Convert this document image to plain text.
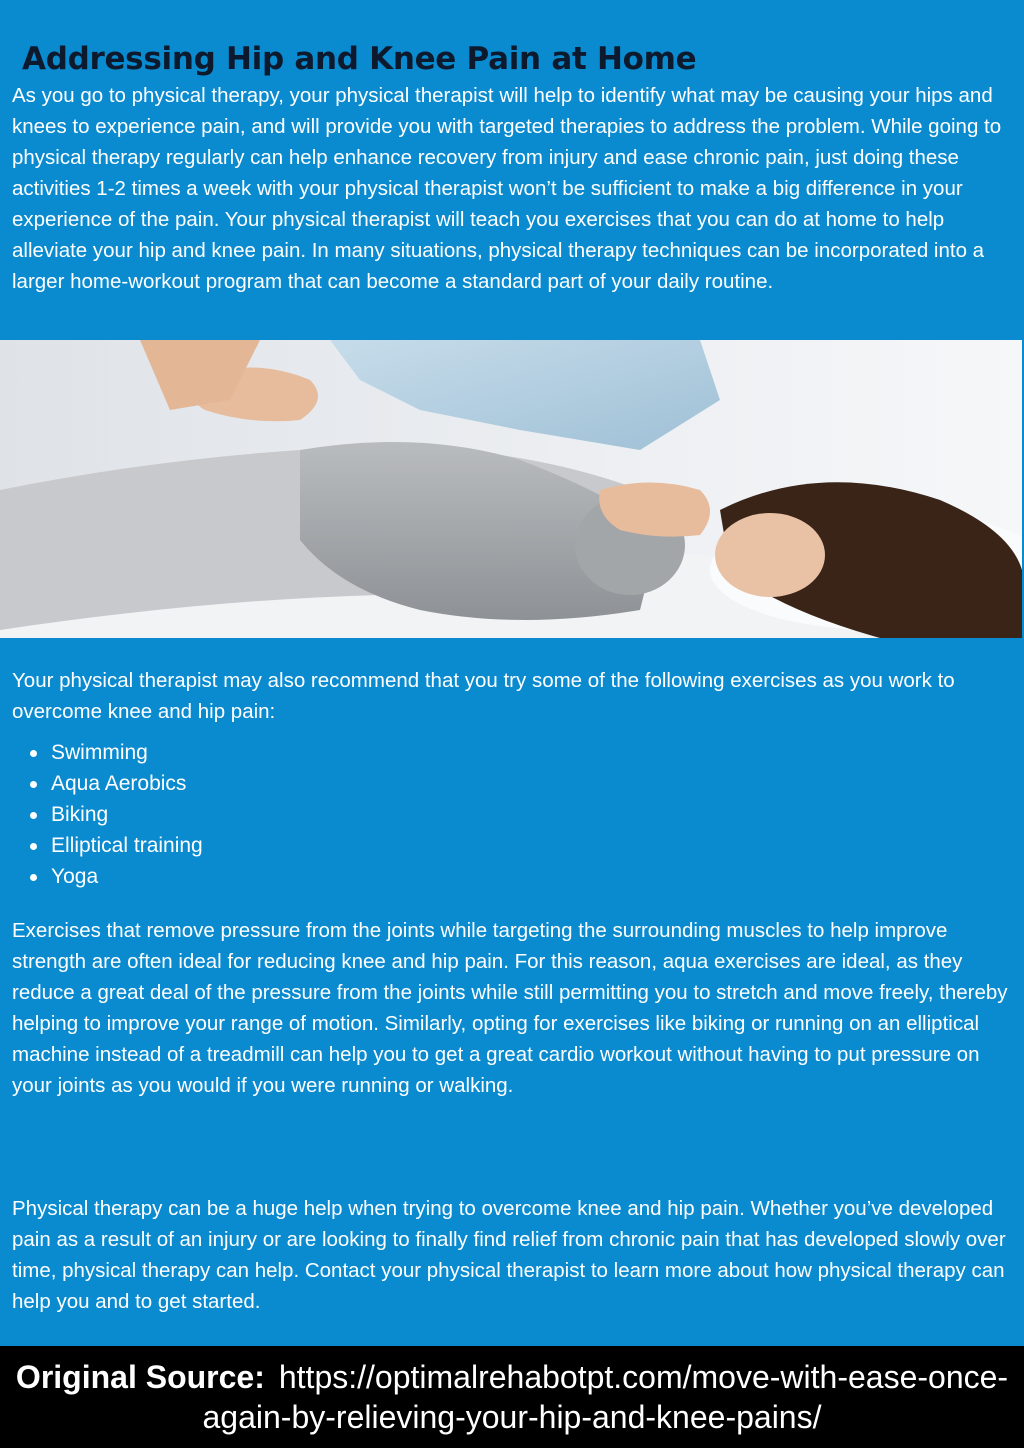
Addressing Hip and Knee Pain at Home

As you go to physical therapy, your physical therapist will help to identify what may be causing your hips and knees to experience pain, and will provide you with targeted therapies to address the problem. While going to physical therapy regularly can help enhance recovery from injury and ease chronic pain, just doing these activities 1-2 times a week with your physical therapist won’t be sufficient to make a big difference in your experience of the pain. Your physical therapist will teach you exercises that you can do at home to help alleviate your hip and knee pain. In many situations, physical therapy techniques can be incorporated into a larger home-workout program that can become a standard part of your daily routine.

Your physical therapist may also recommend that you try some of the following exercises as you work to overcome knee and hip pain:

Swimming
Aqua Aerobics
Biking
Elliptical training
Yoga

Exercises that remove pressure from the joints while targeting the surrounding muscles to help improve strength are often ideal for reducing knee and hip pain. For this reason, aqua exercises are ideal, as they reduce a great deal of the pressure from the joints while still permitting you to stretch and move freely, thereby helping to improve your range of motion. Similarly, opting for exercises like biking or running on an elliptical machine instead of a treadmill can help you to get a great cardio workout without having to put pressure on your joints as you would if you were running or walking.

Physical therapy can be a huge help when trying to overcome knee and hip pain. Whether you’ve developed pain as a result of an injury or are looking to finally find relief from chronic pain that has developed slowly over time, physical therapy can help. Contact your physical therapist to learn more about how physical therapy can help you and to get started.

Original Source: https://optimalrehabotpt.com/move-with-ease-once-again-by-relieving-your-hip-and-knee-pains/
